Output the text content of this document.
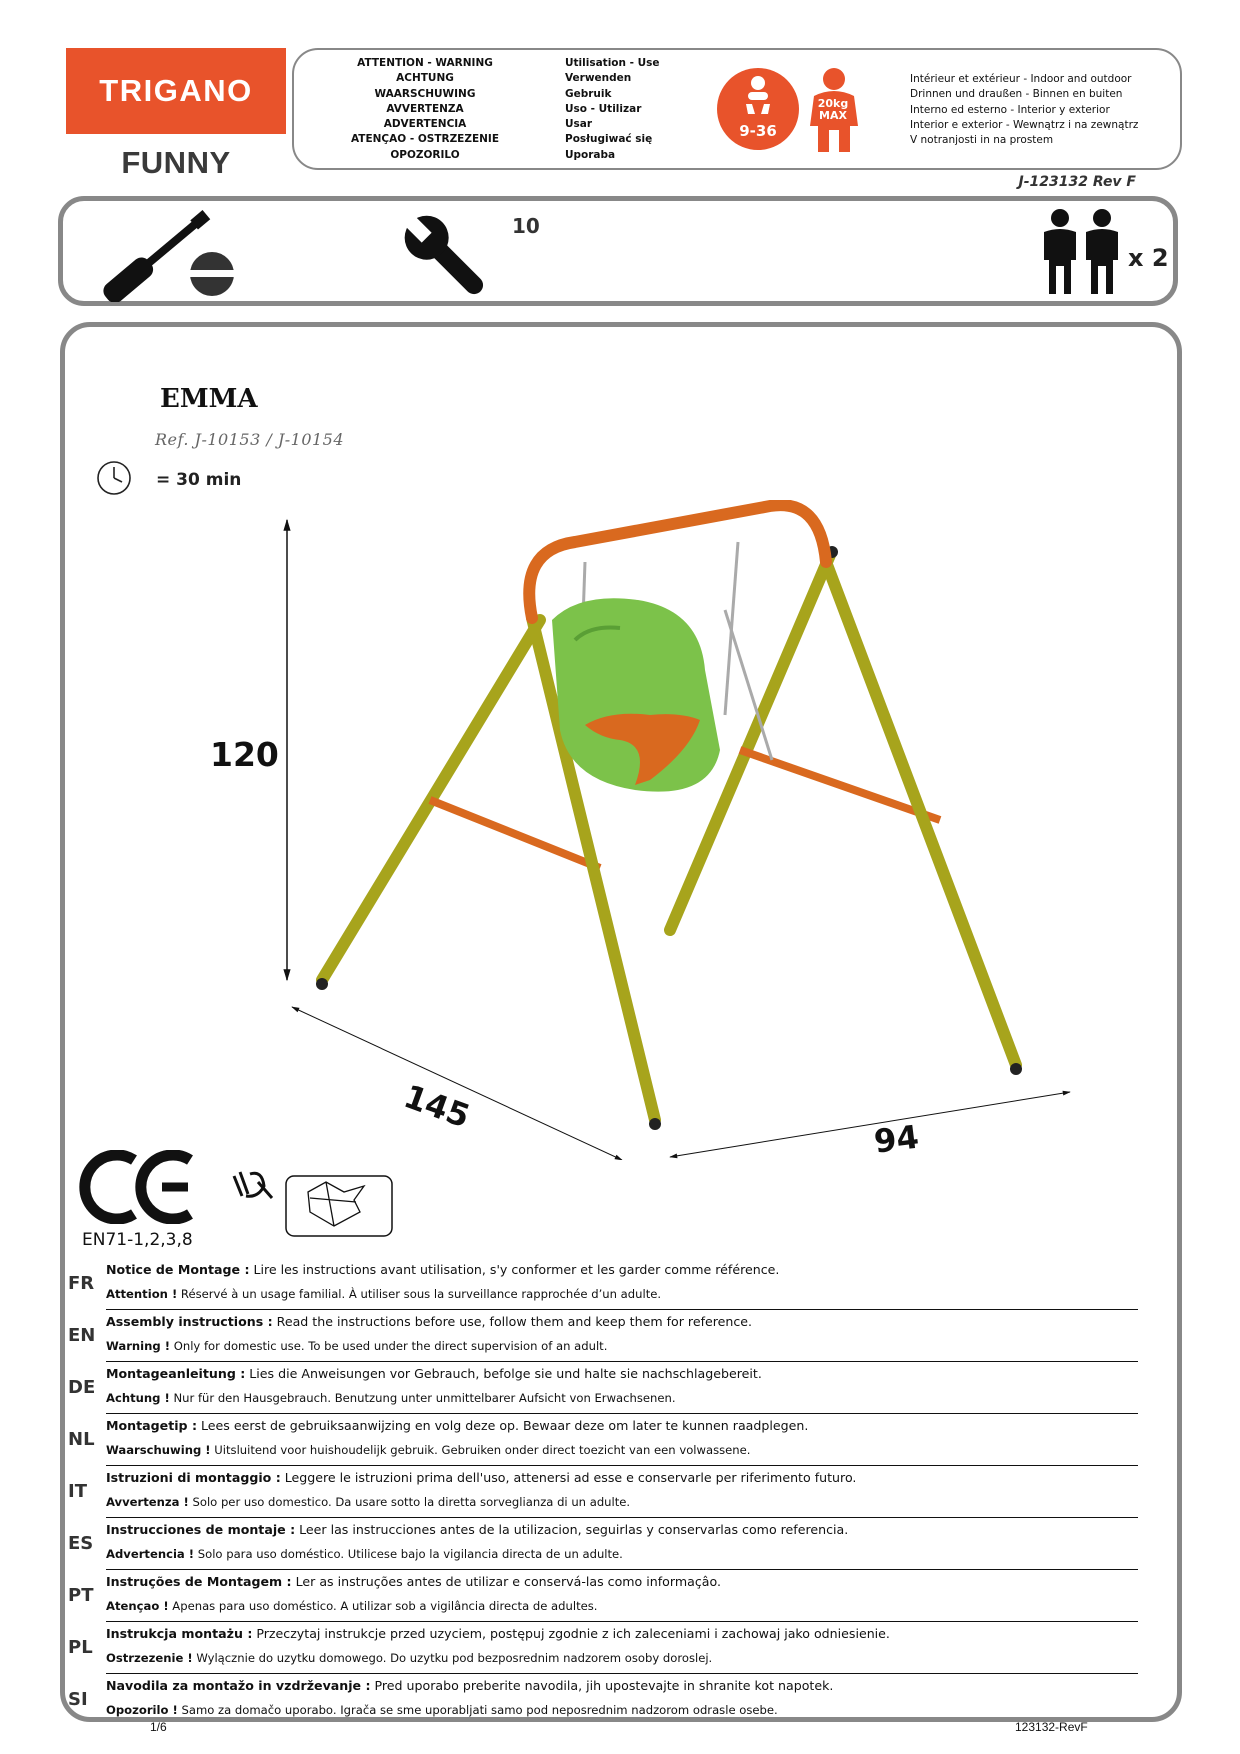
TRIGANO
FUNNY
ATTENTION - WARNING
ACHTUNG
WAARSCHUWING
AVVERTENZA
ADVERTENCIA
ATENÇAO - OSTRZEZENIE
OPOZORILO
Utilisation - Use
Verwenden
Gebruik
Uso - Utilizar
Usar
Posługiwać się
Uporaba
9-36
20kg
MAX
Intérieur et extérieur - Indoor and outdoor
Drinnen und draußen - Binnen en buiten
Interno ed esterno - Interior y exterior
Interior e exterior - Wewnątrz i na zewnątrz
V notranjosti in na prostem
J-123132 Rev F
10
x 2
EMMA
Ref. J-10153 / J-10154
= 30 min
120
145
94
EN71-1,2,3,8
FR
Notice de Montage : Lire les instructions avant utilisation, s'y conformer et les garder comme référence.
Attention ! Réservé à un usage familial. À utiliser sous la surveillance rapprochée d’un adulte.
EN
Assembly instructions : Read the instructions before use, follow them and keep them for reference.
Warning ! Only for domestic use. To be used under the direct supervision of an adult.
DE
Montageanleitung : Lies die Anweisungen vor Gebrauch, befolge sie und halte sie nachschlagebereit.
Achtung ! Nur für den Hausgebrauch. Benutzung unter unmittelbarer Aufsicht von Erwachsenen.
NL
Montagetip : Lees eerst de gebruiksaanwijzing en volg deze op. Bewaar deze om later te kunnen raadplegen.
Waarschuwing ! Uitsluitend voor huishoudelijk gebruik. Gebruiken onder direct toezicht van een volwassene.
IT
Istruzioni di montaggio : Leggere le istruzioni prima dell'uso, attenersi ad esse e conservarle per riferimento futuro.
Avvertenza ! Solo per uso domestico. Da usare sotto la diretta sorveglianza di un adulte.
ES
Instrucciones de montaje : Leer las instrucciones antes de la utilizacion, seguirlas y conservarlas como referencia.
Advertencia ! Solo para uso doméstico. Utilicese bajo la vigilancia directa de un adulte.
PT
Instruções de Montagem : Ler as instruções antes de utilizar e conservá-las como informaçâo.
Atençao ! Apenas para uso doméstico. A utilizar sob a vigilância directa de adultes.
PL
Instrukcja montażu : Przeczytaj instrukcje przed uzyciem, postępuj zgodnie z ich zaleceniami i zachowaj jako odniesienie.
Ostrzezenie ! Wylącznie do uzytku domowego. Do uzytku pod bezposrednim nadzorem osoby doroslej.
SI
Navodila za montažo in vzdrževanje : Pred uporabo preberite navodila, jih upostevajte in shranite kot napotek.
Opozorilo ! Samo za domačo uporabo. Igrača se sme uporabljati samo pod neposrednim nadzorom odrasle osebe.
1/6	123132-RevF
